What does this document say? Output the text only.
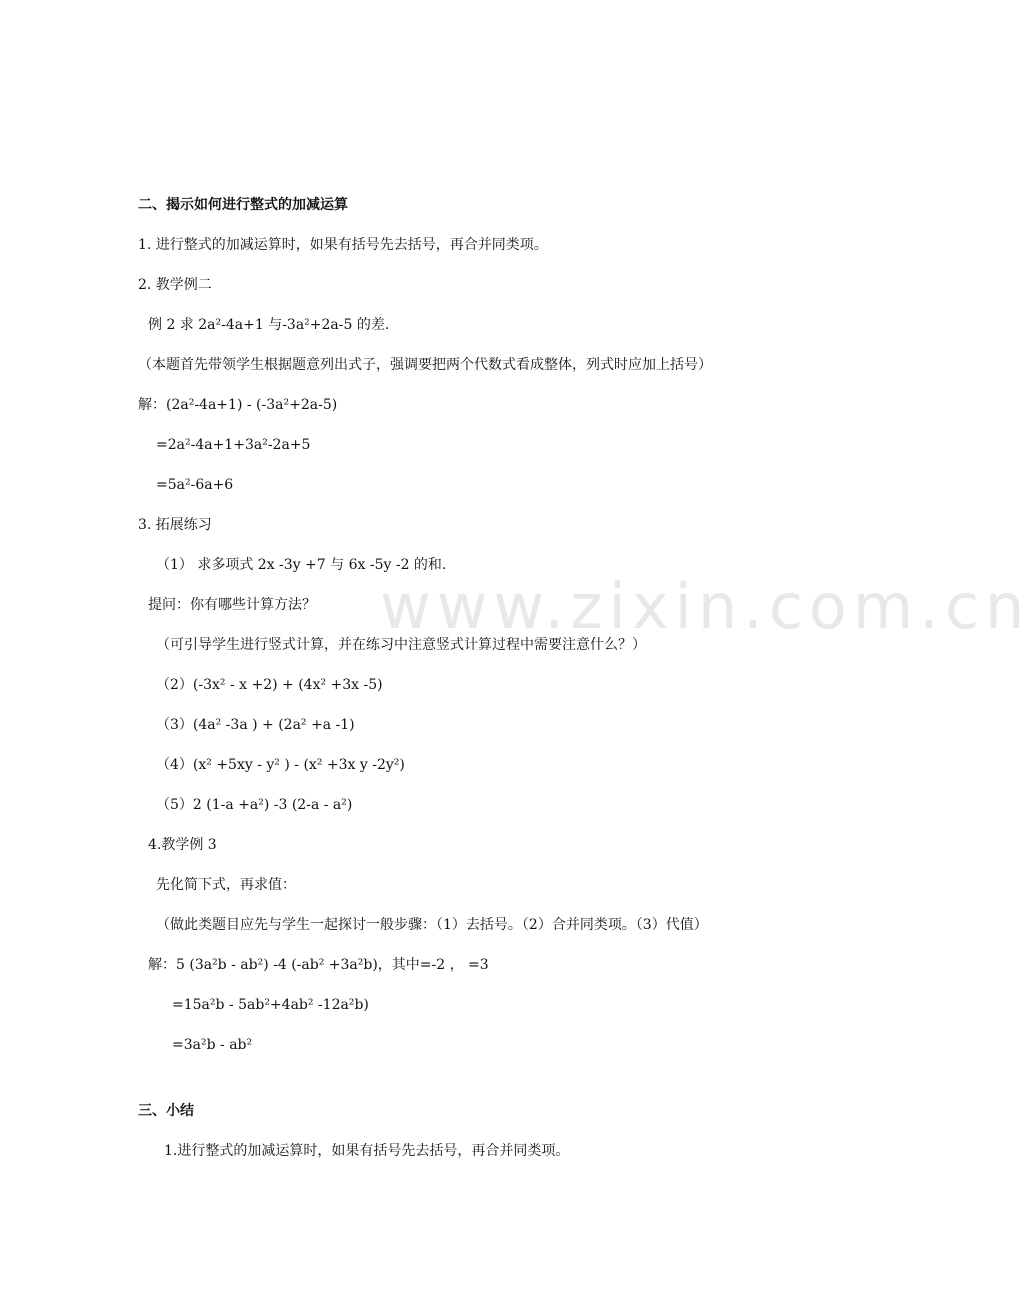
www.zixin.com.cn
二、揭示如何进行整式的加减运算
1. 进行整式的加减运算时，如果有括号先去括号，再合并同类项。
2. 教学例二
例 2 求 2a²-4a+1 与-3a²+2a-5 的差.
（本题首先带领学生根据题意列出式子，强调要把两个代数式看成整体，列式时应加上括号）
解：(2a²-4a+1) - (-3a²+2a-5)
=2a²-4a+1+3a²-2a+5
=5a²-6a+6
3. 拓展练习
（1） 求多项式 2x -3y +7 与 6x -5y -2 的和.
提问：你有哪些计算方法？
（可引导学生进行竖式计算，并在练习中注意竖式计算过程中需要注意什么？）
（2）(-3x² - x +2) + (4x² +3x -5)
（3）(4a² -3a ) + (2a² +a -1)
（4）(x² +5xy - y² ) - (x² +3x y -2y²)
（5）2 (1-a +a²) -3 (2-a - a²)
4.教学例 3
先化简下式，再求值：
（做此类题目应先与学生一起探讨一般步骤：（1）去括号。（2）合并同类项。（3）代值）
解：5 (3a²b - ab²) -4 (-ab² +3a²b)，其中=-2 ， =3
=15a²b - 5ab²+4ab² -12a²b)
=3a²b - ab²
三、小结
1.进行整式的加减运算时，如果有括号先去括号，再合并同类项。
